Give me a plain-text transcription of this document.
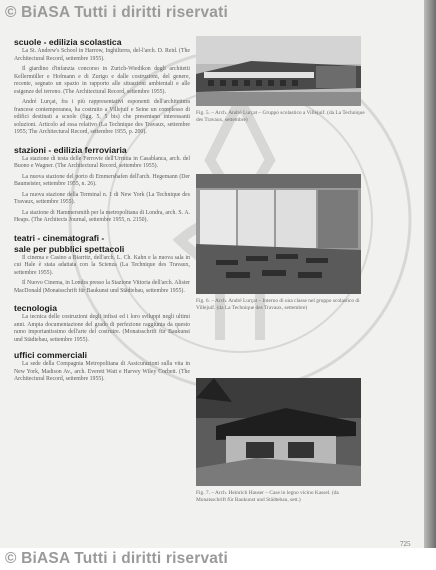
scuole - edilizia scolastica

La St. Andrew's School in Harrow, Inghilterra, del-l'arch. D. Reid. (The Architectural Record, settembre 1955).

Il giardino d'infanzia concorso in Zurich-Wiedikon degli architetti Kellermüller e Hofmann e di Zurigo e dalle costruzioni, del genere, recente, segnato un spazio in rapporto alle situazioni ambientali e alle esigenze del terreno. (The Architectural Record, settembre 1955).

André Lurçat, fra i più rappresentativi esponenti dell'architettura francese contemporanea, ha costruito a Villejuif e Seine un complesso di edifici destinati a scuole (figg. 5, 5 bis) che presentano interessanti soluzioni. Articolo ad essa relativo (La Technique des Travaux, settembre 1955; The Architectural Record, settembre 1955, p. 200).

stazioni - edilizia ferroviaria

La stazione di testa delle Ferrovie dell'Urrutia in Casablanca, arch. del Buono e Wagner. (The Architectural Record, settembre 1955).

La nuova stazione del porto di Emmershafen dell'arch. Hegemann (Der Baumeister, settembre 1955, n. 26).

La nuova stazione della Terminal n. 1 di New York (La Technique des Travaux, settembre 1955).

La stazione di Hammersmith per la metropolitana di Londra, arch. S. A. Heaps. (The Architects Journal, settembre 1955, n. 2150).

teatri - cinematografi -
sale per pubblici spettacoli

Il cinema e Casino a Biarritz, dell'arch. L. Ch. Kahn e la nuova sala in cui Hale è stata adattata con la Scienza (La Technique des Travaux, settembre 1955).

Il Nuovo Cinema, in Londra presso la Stazione Vittoria dell'arch. Alister MacDonald (Monatsschrift für Baukunst und Städtebau, settembre 1955).

tecnologia

La tecnica delle costruzioni degli infissi ed i loro sviluppi negli ultimi anni. Ampia documentazione del grado di perfezione raggiunta da questo ramo importantissimo dell'arte del costruire. (Monatsschrift für Baukunst und Städtebau, settembre 1955).

uffici commerciali

La sede della Compagnia Metropolitana di Assicurazioni sulla vita in New York, Madison Av., arch. Everett Watt e Harvey Wiley Corbett. (The Architectural Record, settembre 1955).

Fig. 5. – Arch. André Lurçat – Gruppo scolastico a Villejuif. (da La Technique des Travaux, settembre)

Fig. 6. – Arch. André Lurçat – Interno di una classe nel gruppo scolastico di Villejuif. (da La Technique des Travaux, settembre)

Fig. 7. – Arch. Heinrich Hauser – Case in legno vicino Kassel. (da Monatsschrift für Baukunst und Städtebau, sett.)

725

© BiASA Tutti i diritti riservati
© BiASA Tutti i diritti riservati
